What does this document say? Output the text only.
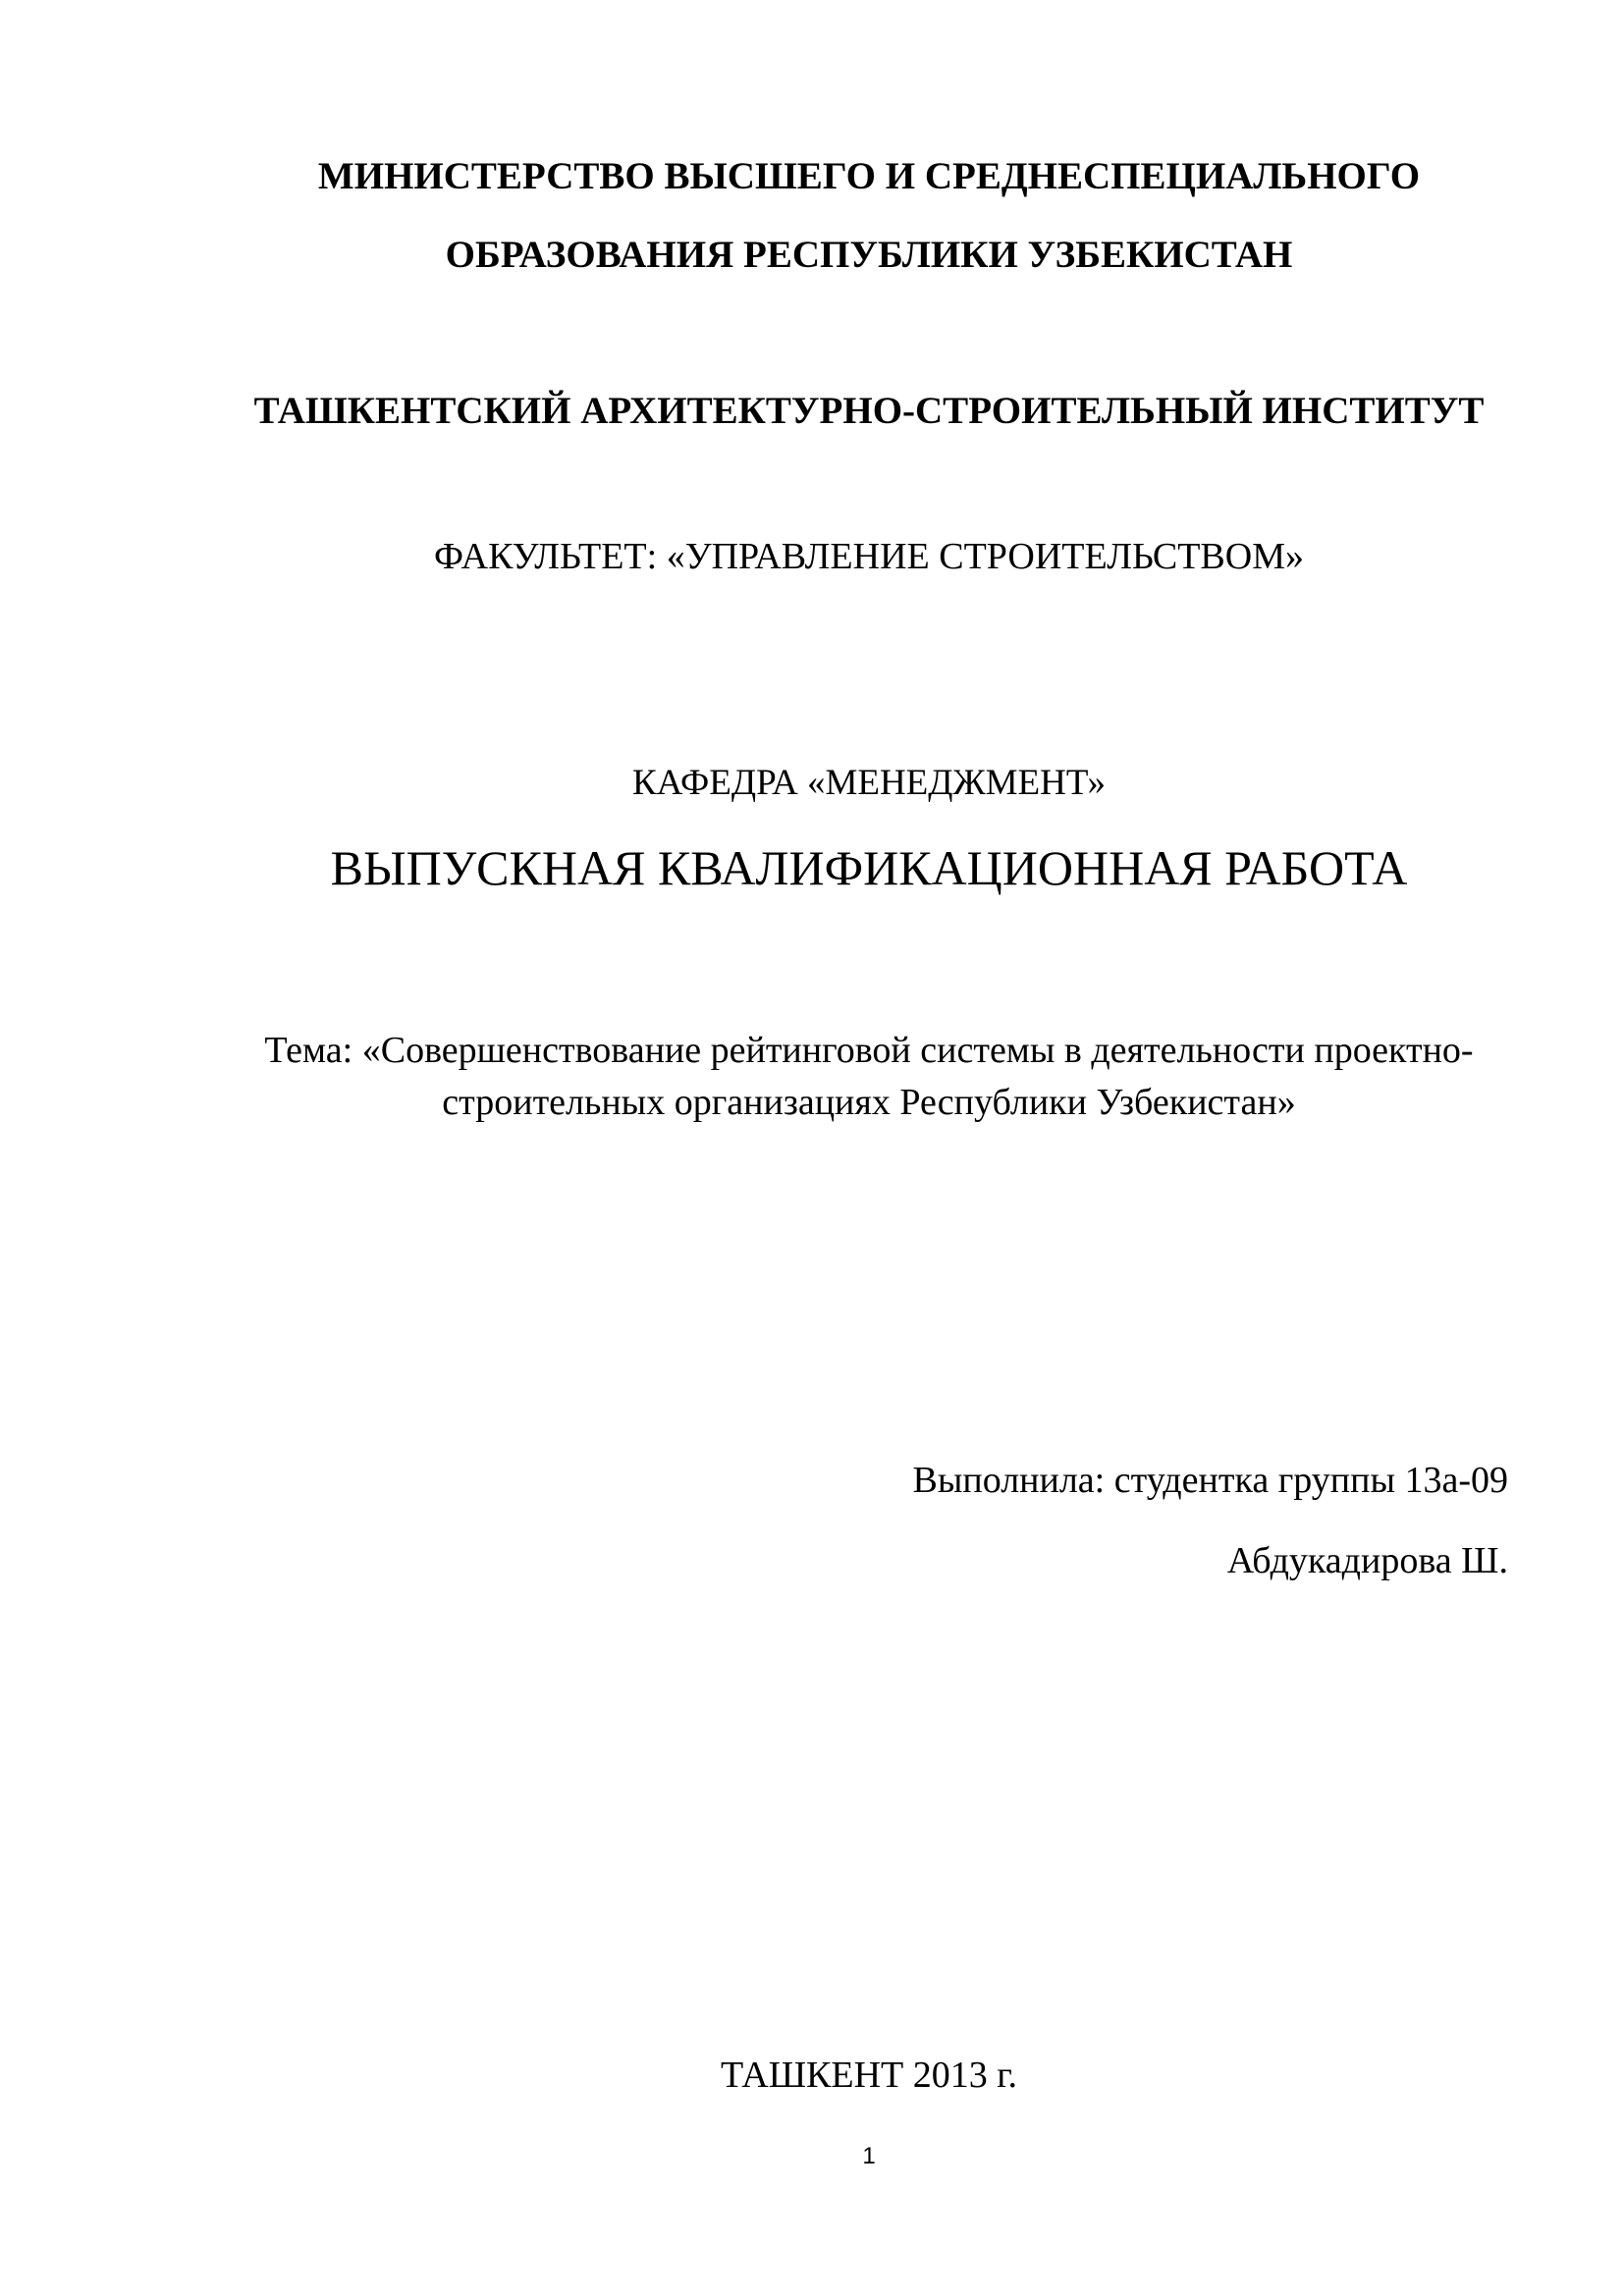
МИНИСТЕРСТВО ВЫСШЕГО И СРЕДНЕСПЕЦИАЛЬНОГО
ОБРАЗОВАНИЯ РЕСПУБЛИКИ УЗБЕКИСТАН
ТАШКЕНТСКИЙ АРХИТЕКТУРНО-СТРОИТЕЛЬНЫЙ ИНСТИТУТ
ФАКУЛЬТЕТ: «УПРАВЛЕНИЕ СТРОИТЕЛЬСТВОМ»
КАФЕДРА «МЕНЕДЖМЕНТ»
ВЫПУСКНАЯ КВАЛИФИКАЦИОННАЯ РАБОТА
Тема: «Совершенствование рейтинговой системы в деятельности проектно-
строительных организациях Республики Узбекистан»
Выполнила: студентка группы 13а-09
Абдукадирова Ш.
ТАШКЕНТ 2013 г.
1
